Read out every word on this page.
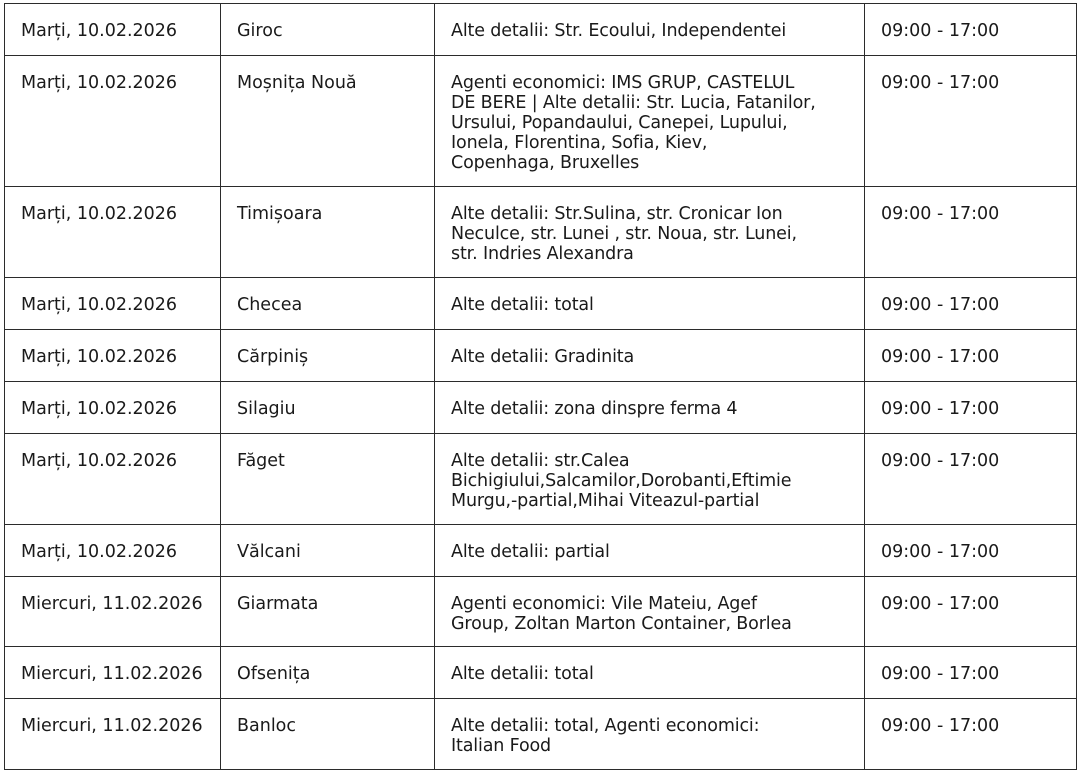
Marți, 10.02.2026	Giroc	Alte detalii: Str. Ecoului, Independentei	09:00 - 17:00

Marți, 10.02.2026	Moșnița Nouă	Agenti economici: IMS GRUP, CASTELUL
DE BERE | Alte detalii: Str. Lucia, Fatanilor,
Ursului, Popandaului, Canepei, Lupului,
Ionela, Florentina, Sofia, Kiev,
Copenhaga, Bruxelles	09:00 - 17:00

Marți, 10.02.2026	Timișoara	Alte detalii: Str.Sulina, str. Cronicar Ion
Neculce, str. Lunei , str. Noua, str. Lunei,
str. Indries Alexandra	09:00 - 17:00

Marți, 10.02.2026	Checea	Alte detalii: total	09:00 - 17:00

Marți, 10.02.2026	Cărpiniș	Alte detalii: Gradinita	09:00 - 17:00

Marți, 10.02.2026	Silagiu	Alte detalii: zona dinspre ferma 4	09:00 - 17:00

Marți, 10.02.2026	Făget	Alte detalii: str.Calea
Bichigiului,Salcamilor,Dorobanti,Eftimie
Murgu,-partial,Mihai Viteazul-partial	09:00 - 17:00

Marți, 10.02.2026	Vălcani	Alte detalii: partial	09:00 - 17:00

Miercuri, 11.02.2026	Giarmata	Agenti economici: Vile Mateiu, Agef
Group, Zoltan Marton Container, Borlea	09:00 - 17:00

Miercuri, 11.02.2026	Ofsenița	Alte detalii: total	09:00 - 17:00

Miercuri, 11.02.2026	Banloc	Alte detalii: total, Agenti economici:
Italian Food	09:00 - 17:00
